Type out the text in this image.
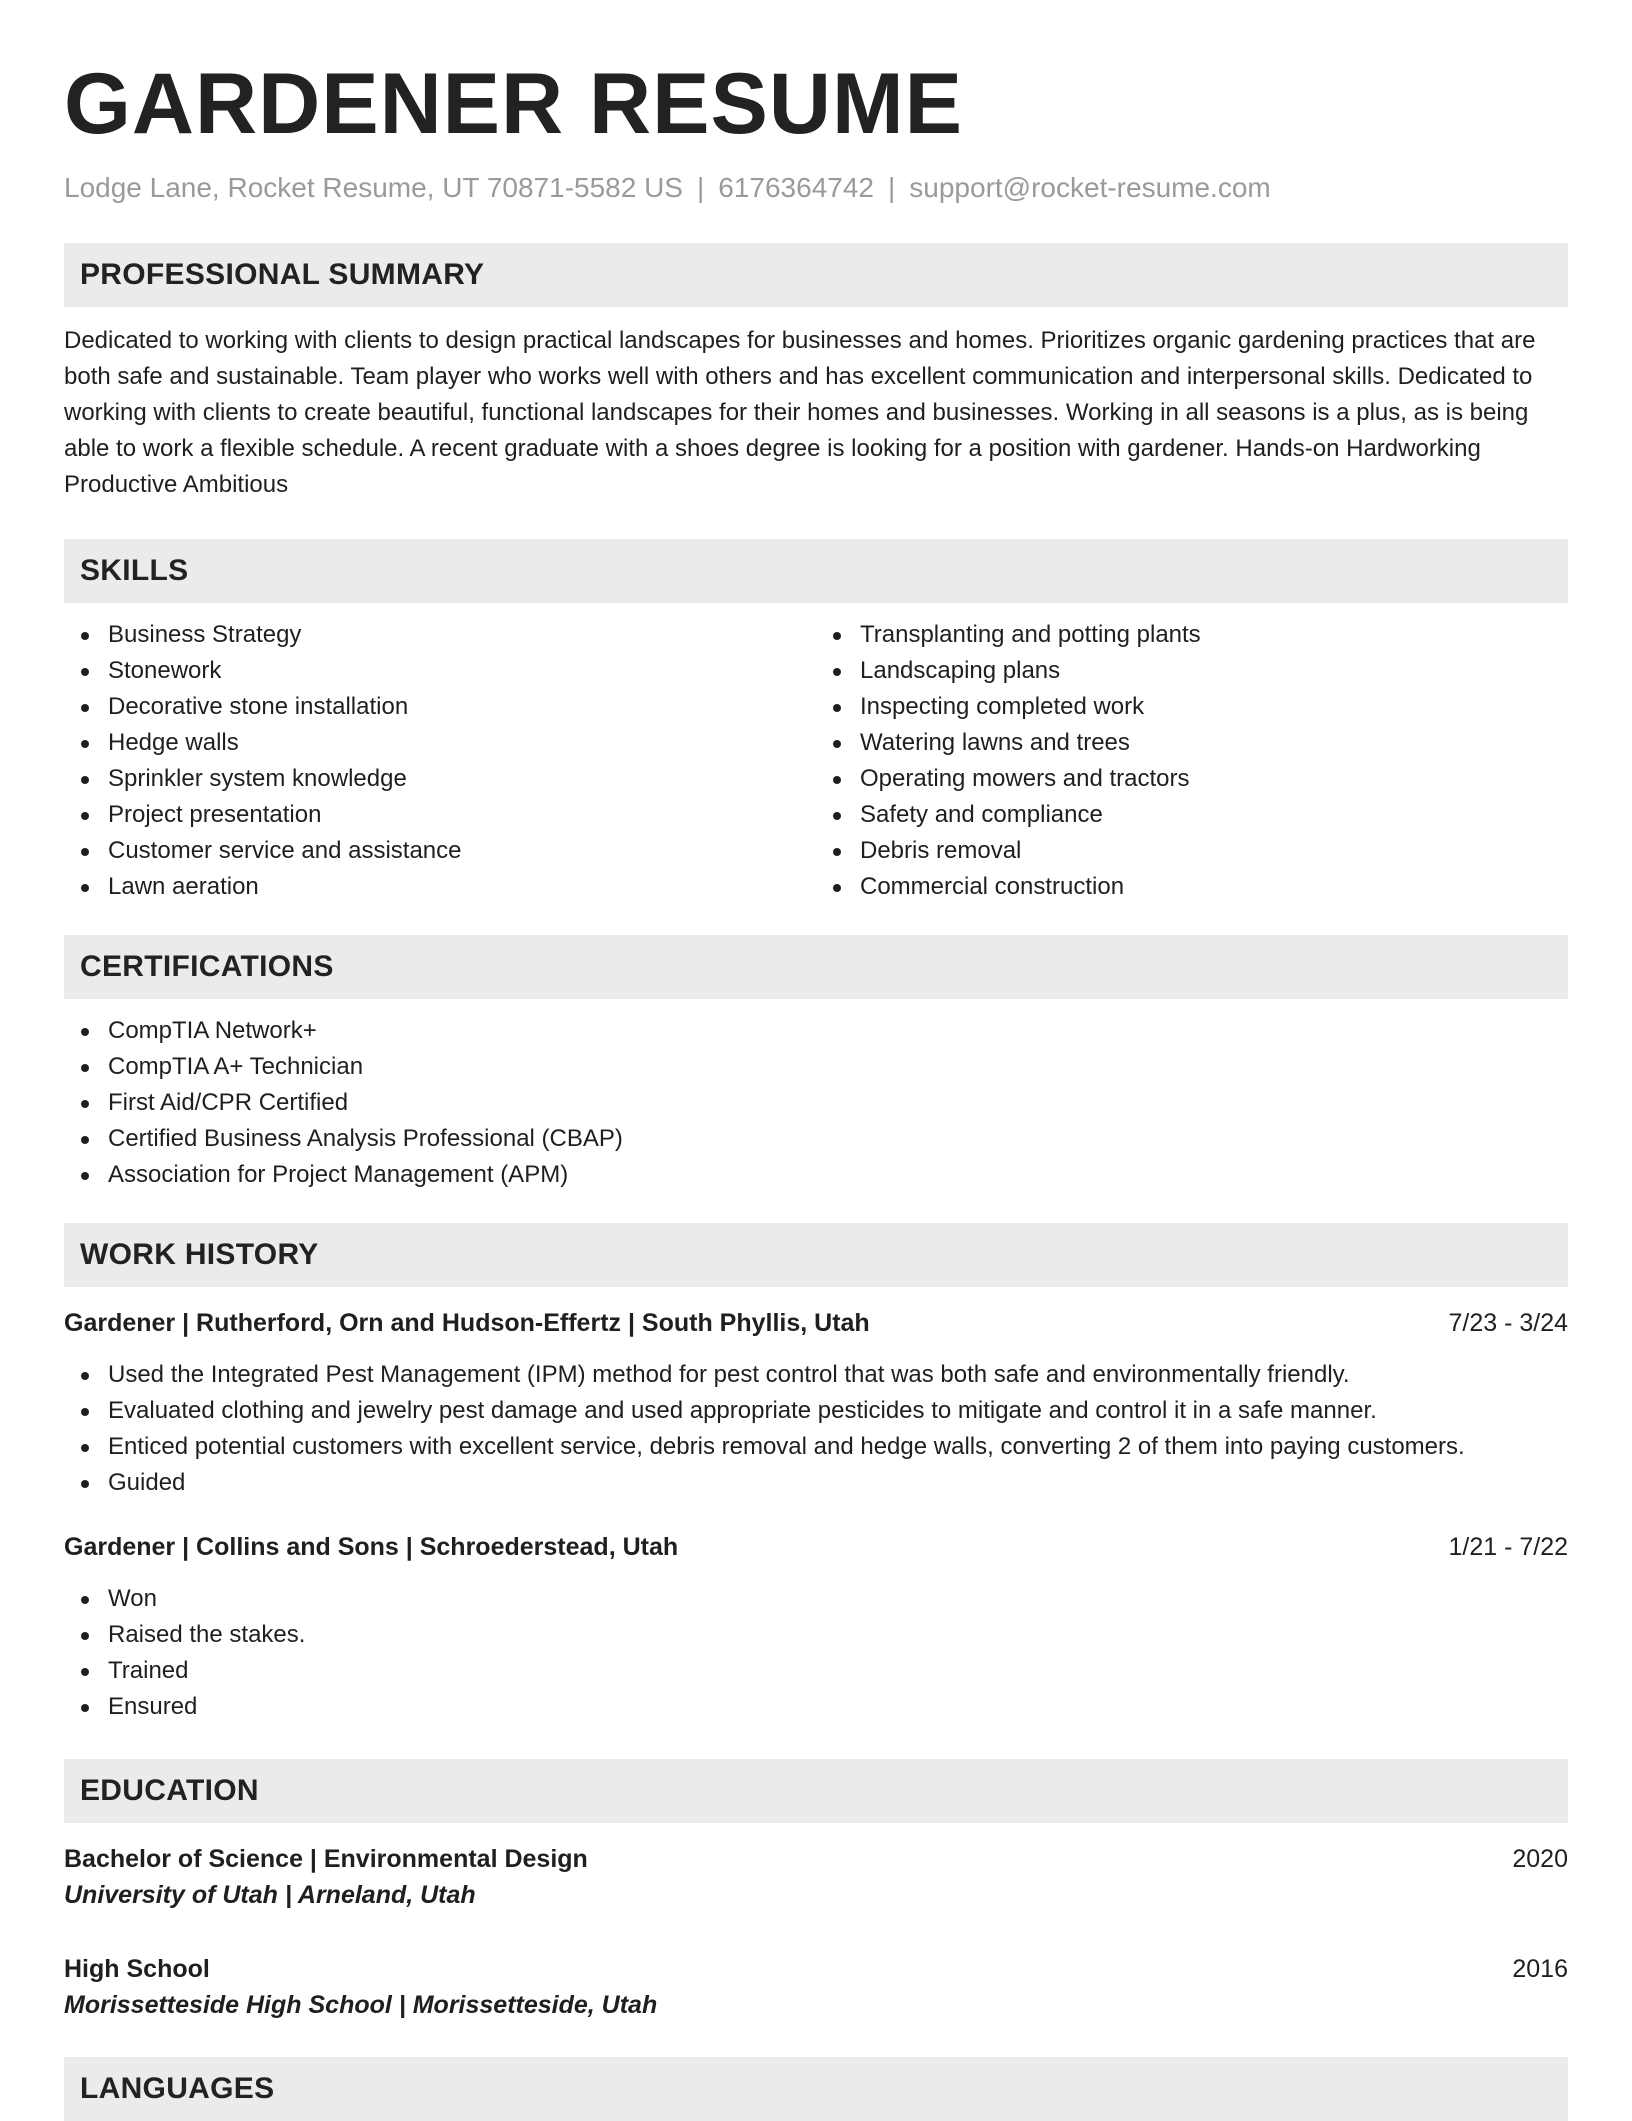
GARDENER RESUME
Lodge Lane, Rocket Resume, UT 70871-5582 US | 6176364742 | support@rocket-resume.com
PROFESSIONAL SUMMARY

Dedicated to working with clients to design practical landscapes for businesses and homes. Prioritizes organic gardening practices that are both safe and sustainable. Team player who works well with others and has excellent communication and interpersonal skills. Dedicated to working with clients to create beautiful, functional landscapes for their homes and businesses. Working in all seasons is a plus, as is being able to work a flexible schedule. A recent graduate with a shoes degree is looking for a position with gardener. Hands-on Hardworking Productive Ambitious

SKILLS
Business Strategy
Stonework
Decorative stone installation
Hedge walls
Sprinkler system knowledge
Project presentation
Customer service and assistance
Lawn aeration
Transplanting and potting plants
Landscaping plans
Inspecting completed work
Watering lawns and trees
Operating mowers and tractors
Safety and compliance
Debris removal
Commercial construction
CERTIFICATIONS
CompTIA Network+
CompTIA A+ Technician
First Aid/CPR Certified
Certified Business Analysis Professional (CBAP)
Association for Project Management (APM)
WORK HISTORY
Gardener | Rutherford, Orn and Hudson-Effertz | South Phyllis, Utah	7/23 - 3/24
Used the Integrated Pest Management (IPM) method for pest control that was both safe and environmentally friendly.
Evaluated clothing and jewelry pest damage and used appropriate pesticides to mitigate and control it in a safe manner.
Enticed potential customers with excellent service, debris removal and hedge walls, converting 2 of them into paying customers.
Guided
Gardener | Collins and Sons | Schroederstead, Utah	1/21 - 7/22
Won
Raised the stakes.
Trained
Ensured
EDUCATION
Bachelor of Science | Environmental Design	2020
University of Utah | Arneland, Utah
High School	2016
Morissetteside High School | Morissetteside, Utah
LANGUAGES
